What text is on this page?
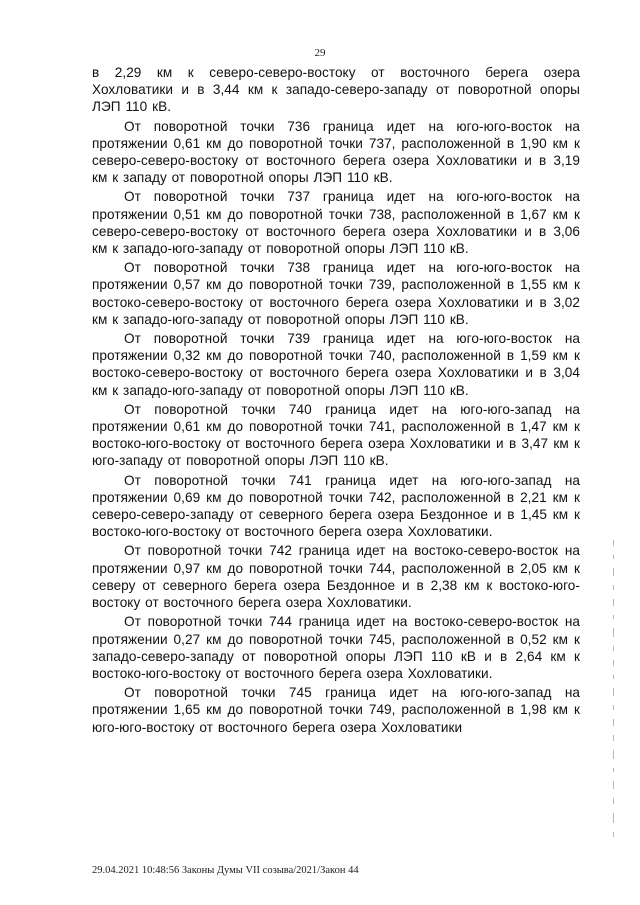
29

в 2,29 км к северо-северо-востоку от восточного берега озера Хохловатики и в 3,44 км к западо-северо-западу от поворотной опоры ЛЭП 110 кВ.

От поворотной точки 736 граница идет на юго-юго-восток на протяжении 0,61 км до поворотной точки 737, расположенной в 1,90 км к северо-северо-востоку от восточного берега озера Хохловатики и в 3,19 км к западу от поворотной опоры ЛЭП 110 кВ.

От поворотной точки 737 граница идет на юго-юго-восток на протяжении 0,51 км до поворотной точки 738, расположенной в 1,67 км к северо-северо-востоку от восточного берега озера Хохловатики и в 3,06 км к западо-юго-западу от поворотной опоры ЛЭП 110 кВ.

От поворотной точки 738 граница идет на юго-юго-восток на протяжении 0,57 км до поворотной точки 739, расположенной в 1,55 км к востоко-северо-востоку от восточного берега озера Хохловатики и в 3,02 км к западо-юго-западу от поворотной опоры ЛЭП 110 кВ.

От поворотной точки 739 граница идет на юго-юго-восток на протяжении 0,32 км до поворотной точки 740, расположенной в 1,59 км к востоко-северо-востоку от восточного берега озера Хохловатики и в 3,04 км к западо-юго-западу от поворотной опоры ЛЭП 110 кВ.

От поворотной точки 740 граница идет на юго-юго-запад на протяжении 0,61 км до поворотной точки 741, расположенной в 1,47 км к востоко-юго-востоку от восточного берега озера Хохловатики и в 3,47 км к юго-западу от поворотной опоры ЛЭП 110 кВ.

От поворотной точки 741 граница идет на юго-юго-запад на протяжении 0,69 км до поворотной точки 742, расположенной в 2,21 км к северо-северо-западу от северного берега озера Бездонное и в 1,45 км к востоко-юго-востоку от восточного берега озера Хохловатики.

От поворотной точки 742 граница идет на востоко-северо-восток на протяжении 0,97 км до поворотной точки 744, расположенной в 2,05 км к северу от северного берега озера Бездонное и в 2,38 км к востоко-юго-востоку от восточного берега озера Хохловатики.

От поворотной точки 744 граница идет на востоко-северо-восток на протяжении 0,27 км до поворотной точки 745, расположенной в 0,52 км к западо-северо-западу от поворотной опоры ЛЭП 110 кВ и в 2,64 км к востоко-юго-востоку от восточного берега озера Хохловатики.

От поворотной точки 745 граница идет на юго-юго-запад на протяжении 1,65 км до поворотной точки 749, расположенной в 1,98 км к юго-юго-востоку от восточного берега озера Хохловатики

29.04.2021 10:48:56 Законы Думы VII созыва/2021/Закон 44
